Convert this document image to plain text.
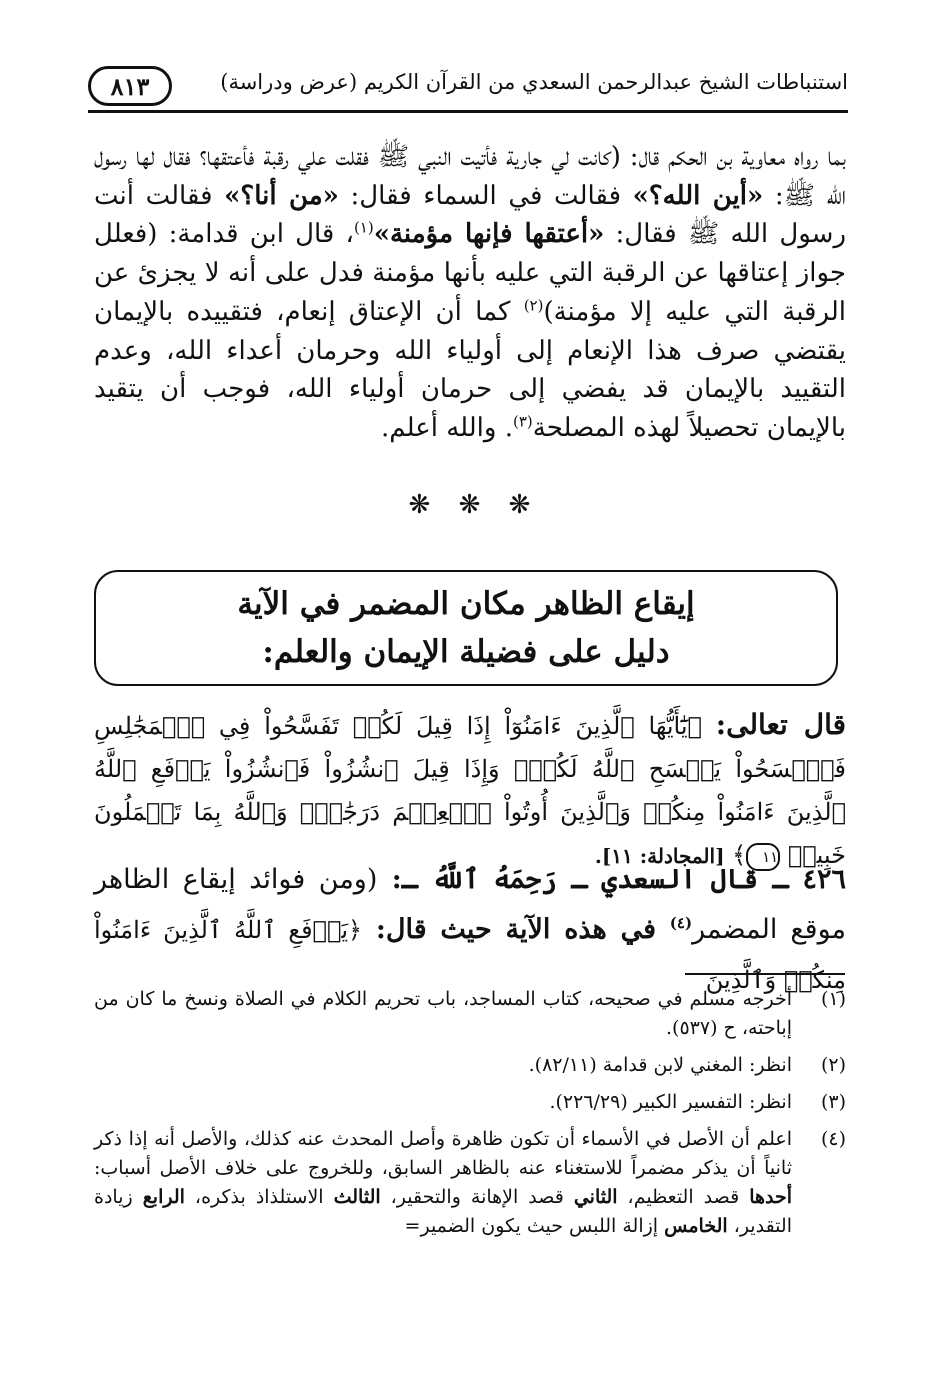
٨١٣	استنباطات الشيخ عبدالرحمن السعدي من القرآن الكريم (عرض ودراسة)
بما رواه معاوية بن الحكم قال: (كانت لي جارية فأتيت النبي ﷺ فقلت علي رقبة فأعتقها؟ فقال لها رسول الله ﷺ: «أين الله؟» فقالت في السماء فقال: «من أنا؟» فقالت أنت رسول الله ﷺ فقال: «أعتقها فإنها مؤمنة»$^{(١)}$، قال ابن قدامة: (فعلل جواز إعتاقها عن الرقبة التي عليه بأنها مؤمنة فدل على أنه لا يجزئ عن الرقبة التي عليه إلا مؤمنة)$^{(٢)}$ كما أن الإعتاق إنعام، فتقييده بالإيمان يقتضي صرف هذا الإنعام إلى أولياء الله وحرمان أعداء الله، وعدم التقييد بالإيمان قد يفضي إلى حرمان أولياء الله، فوجب أن يتقيد بالإيمان تحصيلاً لهذه المصلحة$^{(٣)}$. والله أعلم.
❋ ❋ ❋
إيقاع الظاهر مكان المضمر في الآية
دليل على فضيلة الإيمان والعلم:
قال تعالى: ﴿يَٰٓأَيُّهَا ٱلَّذِينَ ءَامَنُوٓاْ إِذَا قِيلَ لَكُمۡ تَفَسَّحُواْ فِي ٱلۡمَجَٰلِسِ فَٱفۡسَحُواْ يَفۡسَحِ ٱللَّهُ لَكُمۡۖ وَإِذَا قِيلَ ٱنشُزُواْ فَٱنشُزُواْ يَرۡفَعِ ٱللَّهُ ٱلَّذِينَ ءَامَنُواْ مِنكُمۡ وَٱلَّذِينَ أُوتُواْ ٱلۡعِلۡمَ دَرَجَٰتٖۚ وَٱللَّهُ بِمَا تَعۡمَلُونَ خَبِيرٞ ١١﴾ [المجادلة: ١١].
٤٢٦ ـ قال السعدي ـ رَحِمَهُ ٱللَّهُ ـ: (ومن فوائد إيقاع الظاهر موقع المضمر$^{(٤)}$ في هذه الآية حيث قال: ﴿يَرۡفَعِ ٱللَّهُ ٱلَّذِينَ ءَامَنُواْ مِنكُمۡ وَٱلَّذِينَ
(١)
أخرجه مسلم في صحيحه، كتاب المساجد، باب تحريم الكلام في الصلاة ونسخ ما كان من إباحته، ح (٥٣٧).
(٢)
انظر: المغني لابن قدامة (٨٢/١١).
(٣)
انظر: التفسير الكبير (٢٢٦/٢٩).
(٤)
اعلم أن الأصل في الأسماء أن تكون ظاهرة وأصل المحدث عنه كذلك، والأصل أنه إذا ذكر ثانياً أن يذكر مضمراً للاستغناء عنه بالظاهر السابق، وللخروج على خلاف الأصل أسباب: أحدها قصد التعظيم، الثاني قصد الإهانة والتحقير، الثالث الاستلذاذ بذكره، الرابع زيادة التقدير، الخامس إزالة اللبس حيث يكون الضمير=
